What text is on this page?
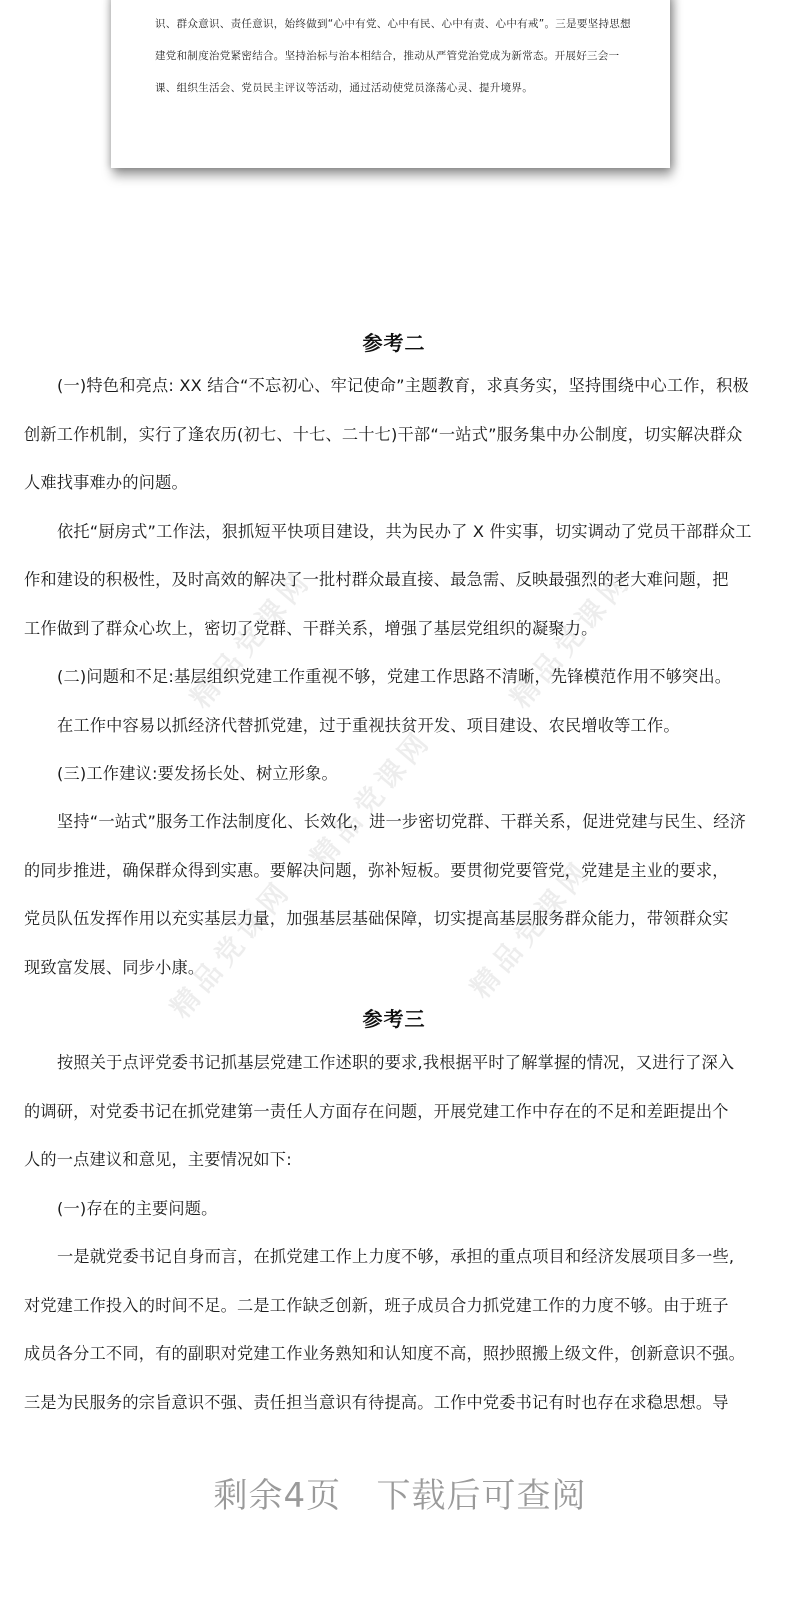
识、群众意识、责任意识，始终做到“心中有党、心中有民、心中有责、心中有戒”。三是要坚持思想
建党和制度治党紧密结合。坚持治标与治本相结合，推动从严管党治党成为新常态。开展好三会一
课、组织生活会、党员民主评议等活动，通过活动使党员涤荡心灵、提升境界。
参考二
(一)特色和亮点: XX 结合“不忘初心、牢记使命”主题教育，求真务实，坚持围绕中心工作，积极
创新工作机制，实行了逢农历(初七、十七、二十七)干部“一站式”服务集中办公制度，切实解决群众
人难找事难办的问题。
依托“厨房式”工作法，狠抓短平快项目建设，共为民办了 X 件实事，切实调动了党员干部群众工
作和建设的积极性，及时高效的解决了一批村群众最直接、最急需、反映最强烈的老大难问题，把
工作做到了群众心坎上，密切了党群、干群关系，增强了基层党组织的凝聚力。
(二)问题和不足:基层组织党建工作重视不够，党建工作思路不清晰，先锋模范作用不够突出。
在工作中容易以抓经济代替抓党建，过于重视扶贫开发、项目建设、农民增收等工作。
(三)工作建议:要发扬长处、树立形象。
坚持“一站式”服务工作法制度化、长效化，进一步密切党群、干群关系，促进党建与民生、经济
的同步推进，确保群众得到实惠。要解决问题，弥补短板。要贯彻党要管党，党建是主业的要求，
党员队伍发挥作用以充实基层力量，加强基层基础保障，切实提高基层服务群众能力，带领群众实
现致富发展、同步小康。
参考三
按照关于点评党委书记抓基层党建工作述职的要求,我根据平时了解掌握的情况，又进行了深入
的调研，对党委书记在抓党建第一责任人方面存在问题，开展党建工作中存在的不足和差距提出个
人的一点建议和意见，主要情况如下:
(一)存在的主要问题。
一是就党委书记自身而言，在抓党建工作上力度不够，承担的重点项目和经济发展项目多一些,
对党建工作投入的时间不足。二是工作缺乏创新，班子成员合力抓党建工作的力度不够。由于班子
成员各分工不同，有的副职对党建工作业务熟知和认知度不高，照抄照搬上级文件，创新意识不强。
三是为民服务的宗旨意识不强、责任担当意识有待提高。工作中党委书记有时也存在求稳思想。导
精品党课网	精品党课网
精品党课网
精品党课网	精品党课网
剩余4页   下载后可查阅
